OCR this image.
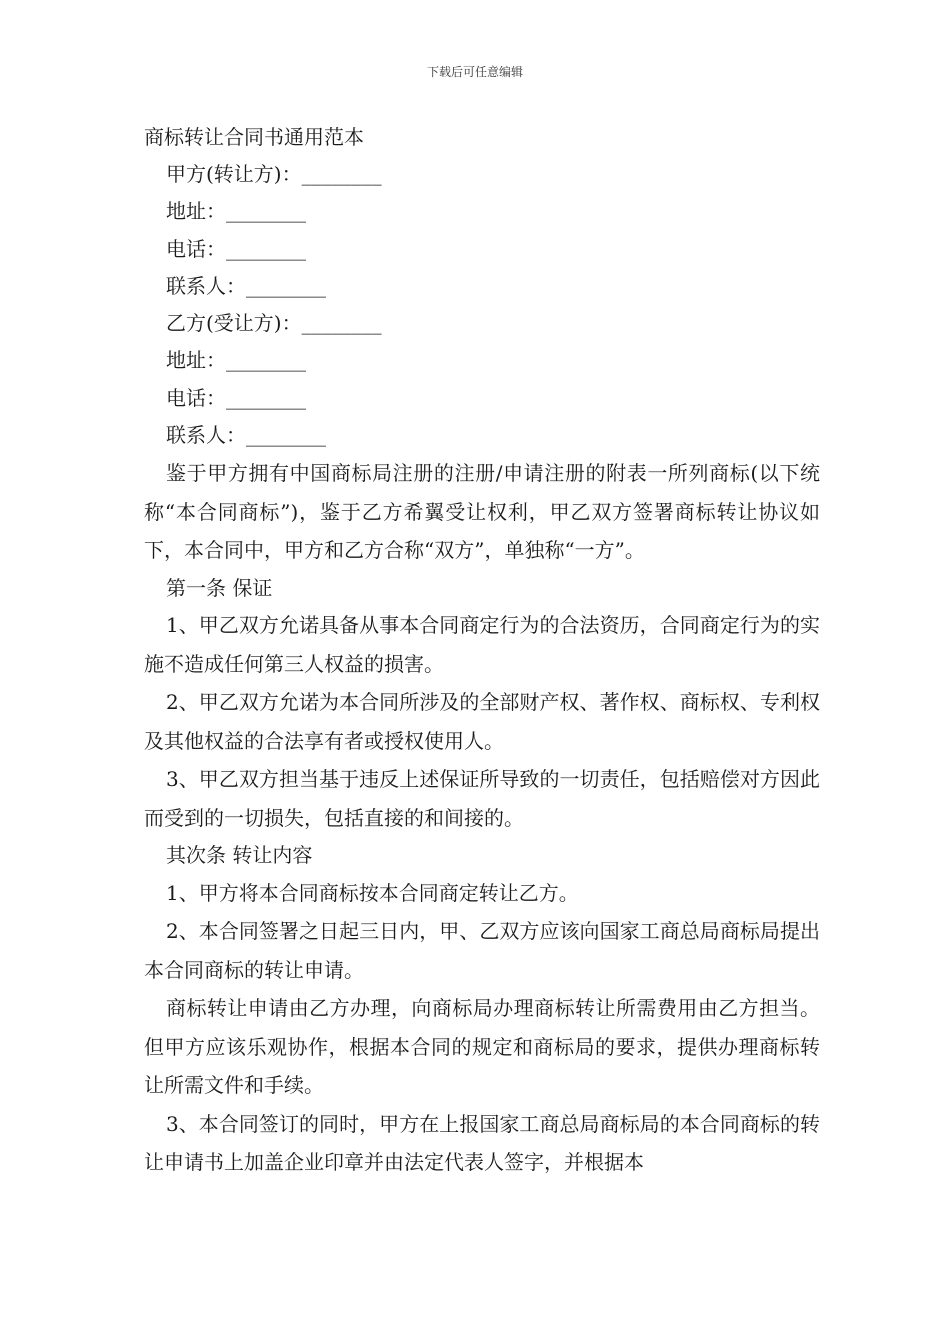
下载后可任意编辑
商标转让合同书通用范本
甲方(转让方)：________
地址：________
电话：________
联系人：________
乙方(受让方)：________
地址：________
电话：________
联系人：________

鉴于甲方拥有中国商标局注册的注册/申请注册的附表一所列商标(以下统称“本合同商标”)，鉴于乙方希翼受让权利，甲乙双方签署商标转让协议如下，本合同中，甲方和乙方合称“双方”，单独称“一方”。

第一条 保证

1、甲乙双方允诺具备从事本合同商定行为的合法资历，合同商定行为的实施不造成任何第三人权益的损害。

2、甲乙双方允诺为本合同所涉及的全部财产权、著作权、商标权、专利权及其他权益的合法享有者或授权使用人。

3、甲乙双方担当基于违反上述保证所导致的一切责任，包括赔偿对方因此而受到的一切损失，包括直接的和间接的。

其次条 转让内容

1、甲方将本合同商标按本合同商定转让乙方。

2、本合同签署之日起三日内，甲、乙双方应该向国家工商总局商标局提出本合同商标的转让申请。

商标转让申请由乙方办理，向商标局办理商标转让所需费用由乙方担当。但甲方应该乐观协作，根据本合同的规定和商标局的要求，提供办理商标转让所需文件和手续。

3、本合同签订的同时，甲方在上报国家工商总局商标局的本合同商标的转让申请书上加盖企业印章并由法定代表人签字，并根据本
